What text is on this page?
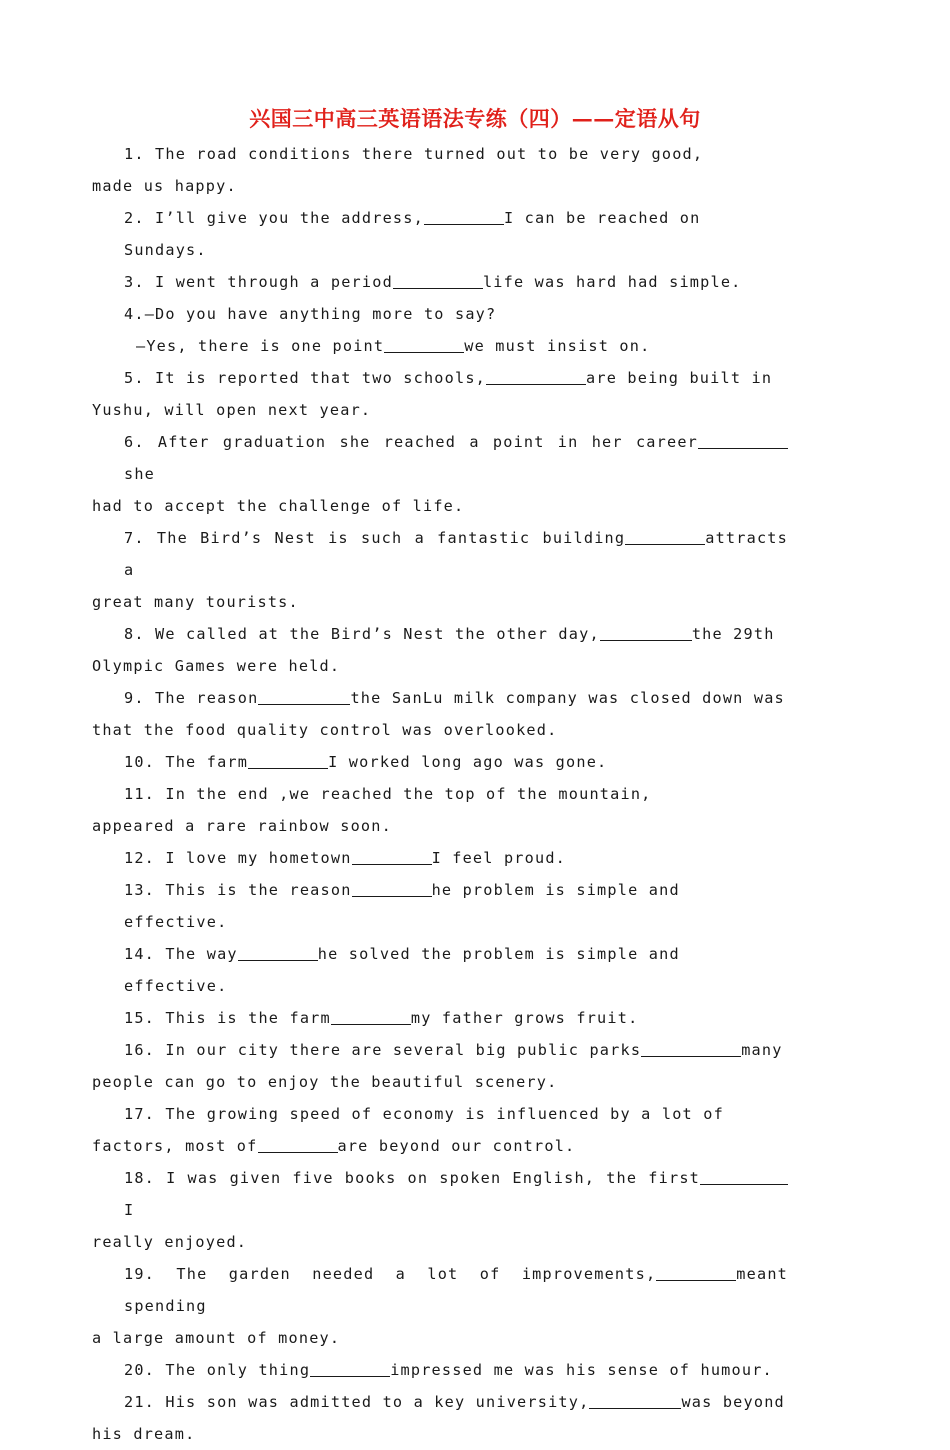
兴国三中高三英语语法专练（四）——定语从句

1. The road conditions there turned out to be very good,

made us happy.

2. I’ll give you the address,	I can be reached on Sundays.

3. I went through a period	life was hard had simple.

4.—Do you have anything more to say?

—Yes, there is one point	we must insist on.

5. It is reported that two schools,	are being built in

Yushu, will open next year.

6. After graduation she reached a point in her careershe

had to accept the challenge of life.

7. The Bird’s Nest is such a fantastic building	attracts a

great many tourists.

8. We called at the Bird’s Nest the other day,	the 29th

Olympic Games were held.

9. The reason	the SanLu milk company was closed down was

that the food quality control was overlooked.

10. The farm	I worked long ago was gone.

11. In the end ,we reached the top of the mountain,

appeared a rare rainbow soon.

12. I love my hometown	I feel proud.

13. This is the reason	he problem is simple and effective.

14. The way	he solved the problem is simple and effective.

15. This is the farm	my father grows fruit.

16. In our city there are several big public parks	many

people can go to enjoy the beautiful scenery.

17. The growing speed of economy is influenced by a lot of

factors, most of	are beyond our control.

18. I was given five books on spoken English, the firstI

really enjoyed.

19. The garden needed a lot of improvements,	meant spending

a large amount of money.

20. The only thing	impressed me was his sense of humour.

21. His son was admitted to a key university,	was beyond

his dream.
